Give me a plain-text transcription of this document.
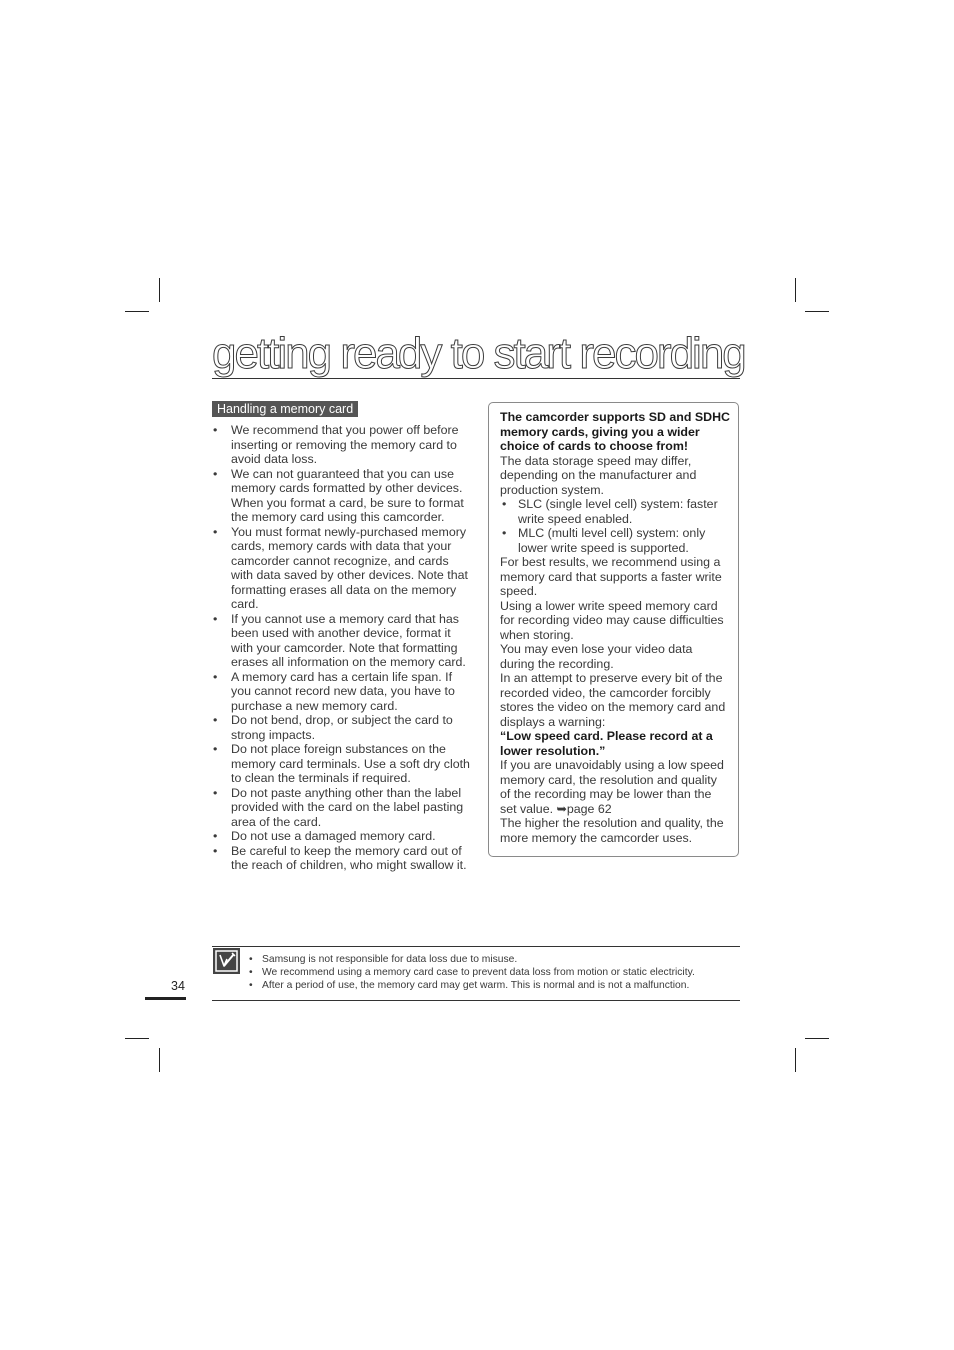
getting ready to start recording
Handling a memory card
• We recommend that you power off before inserting or removing the memory card to avoid data loss.
• We can not guaranteed that you can use memory cards formatted by other devices. When you format a card, be sure to format the memory card using this camcorder.
• You must format newly-purchased memory cards, memory cards with data that your camcorder cannot recognize, and cards with data saved by other devices. Note that formatting erases all data on the memory card.
• If you cannot use a memory card that has been used with another device, format it with your camcorder. Note that formatting erases all information on the memory card.
• A memory card has a certain life span. If you cannot record new data, you have to purchase a new memory card.
• Do not bend, drop, or subject the card to strong impacts.
• Do not place foreign substances on the memory card terminals. Use a soft dry cloth to clean the terminals if required.
• Do not paste anything other than the label provided with the card on the label pasting area of the card.
• Do not use a damaged memory card.
• Be careful to keep the memory card out of the reach of children, who might swallow it.

The camcorder supports SD and SDHC memory cards, giving you a wider choice of cards to choose from!

The data storage speed may differ, depending on the manufacturer and production system.

• SLC (single level cell) system: faster write speed enabled.
• MLC (multi level cell) system: only lower write speed is supported.

For best results, we recommend using a memory card that supports a faster write speed.

Using a lower write speed memory card for recording video may cause difficulties when storing.

You may even lose your video data during the recording.

In an attempt to preserve every bit of the recorded video, the camcorder forcibly stores the video on the memory card and displays a warning:

“Low speed card. Please record at a lower resolution.”

If you are unavoidably using a low speed memory card, the resolution and quality of the recording may be lower than the set value. ➥page 62

The higher the resolution and quality, the more memory the camcorder uses.

• Samsung is not responsible for data loss due to misuse.
• We recommend using a memory card case to prevent data loss from motion or static electricity.
• After a period of use, the memory card may get warm. This is normal and is not a malfunction.
34
